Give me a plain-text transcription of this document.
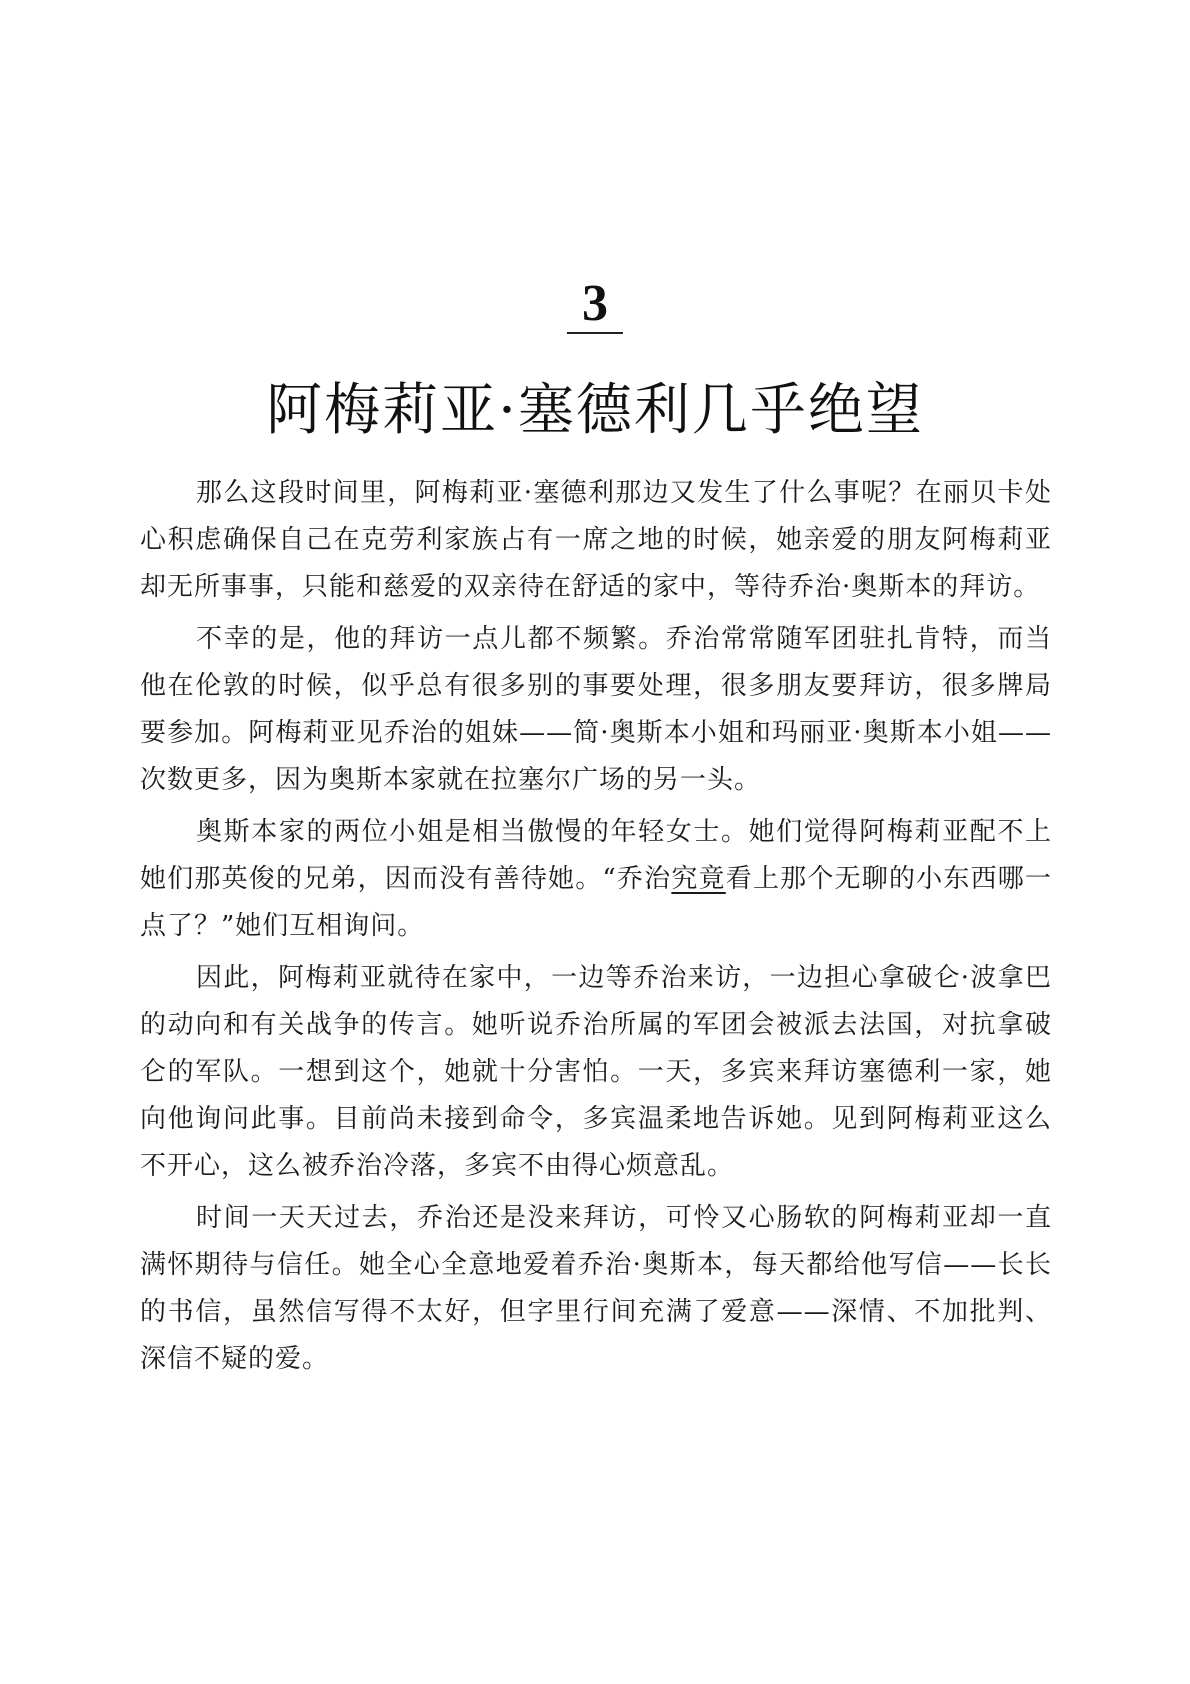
3
阿梅莉亚·塞德利几乎绝望

那么这段时间里，阿梅莉亚·塞德利那边又发生了什么事呢？在丽贝卡处心积虑确保自己在克劳利家族占有一席之地的时候，她亲爱的朋友阿梅莉亚却无所事事，只能和慈爱的双亲待在舒适的家中，等待乔治·奥斯本的拜访。

不幸的是，他的拜访一点儿都不频繁。乔治常常随军团驻扎肯特，而当他在伦敦的时候，似乎总有很多别的事要处理，很多朋友要拜访，很多牌局要参加。阿梅莉亚见乔治的姐妹——简·奥斯本小姐和玛丽亚·奥斯本小姐——次数更多，因为奥斯本家就在拉塞尔广场的另一头。

奥斯本家的两位小姐是相当傲慢的年轻女士。她们觉得阿梅莉亚配不上她们那英俊的兄弟，因而没有善待她。“乔治究竟看上那个无聊的小东西哪一点了？”她们互相询问。

因此，阿梅莉亚就待在家中，一边等乔治来访，一边担心拿破仑·波拿巴的动向和有关战争的传言。她听说乔治所属的军团会被派去法国，对抗拿破仑的军队。一想到这个，她就十分害怕。一天，多宾来拜访塞德利一家，她向他询问此事。目前尚未接到命令，多宾温柔地告诉她。见到阿梅莉亚这么不开心，这么被乔治冷落，多宾不由得心烦意乱。

时间一天天过去，乔治还是没来拜访，可怜又心肠软的阿梅莉亚却一直满怀期待与信任。她全心全意地爱着乔治·奥斯本，每天都给他写信——长长的书信，虽然信写得不太好，但字里行间充满了爱意——深情、不加批判、深信不疑的爱。
